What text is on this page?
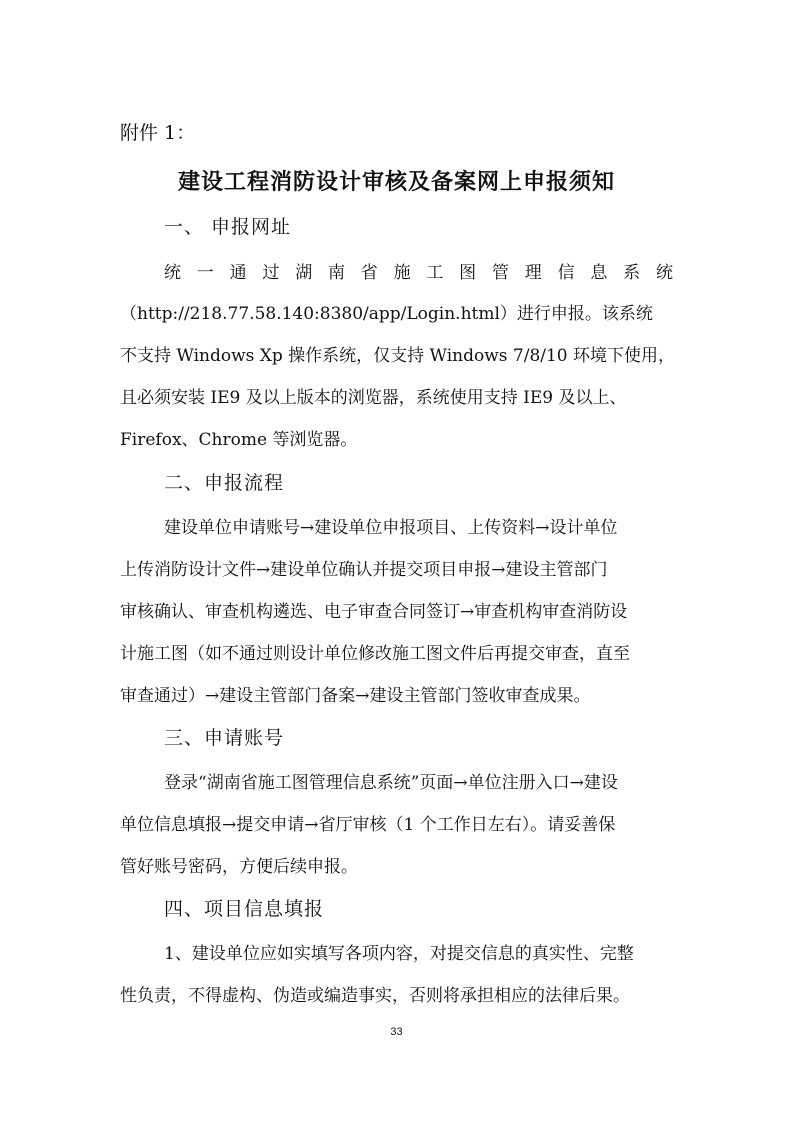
附件 1：
建设工程消防设计审核及备案网上申报须知
一、 申报网址
统 一 通 过 湖 南 省 施 工 图 管 理 信 息 系 统
（http://218.77.58.140:8380/app/Login.html）进行申报。该系统
不支持 Windows Xp 操作系统，仅支持 Windows 7/8/10 环境下使用，
且必须安装 IE9 及以上版本的浏览器，系统使用支持 IE9 及以上、
Firefox、Chrome 等浏览器。
二、申报流程
建设单位申请账号→建设单位申报项目、上传资料→设计单位
上传消防设计文件→建设单位确认并提交项目申报→建设主管部门
审核确认、审查机构遴选、电子审查合同签订→审查机构审查消防设
计施工图（如不通过则设计单位修改施工图文件后再提交审查，直至
审查通过）→建设主管部门备案→建设主管部门签收审查成果。
三、申请账号
登录“湖南省施工图管理信息系统”页面→单位注册入口→建设
单位信息填报→提交申请→省厅审核（1 个工作日左右）。请妥善保
管好账号密码，方便后续申报。
四、项目信息填报
1、建设单位应如实填写各项内容，对提交信息的真实性、完整
性负责，不得虚构、伪造或编造事实，否则将承担相应的法律后果。
33
